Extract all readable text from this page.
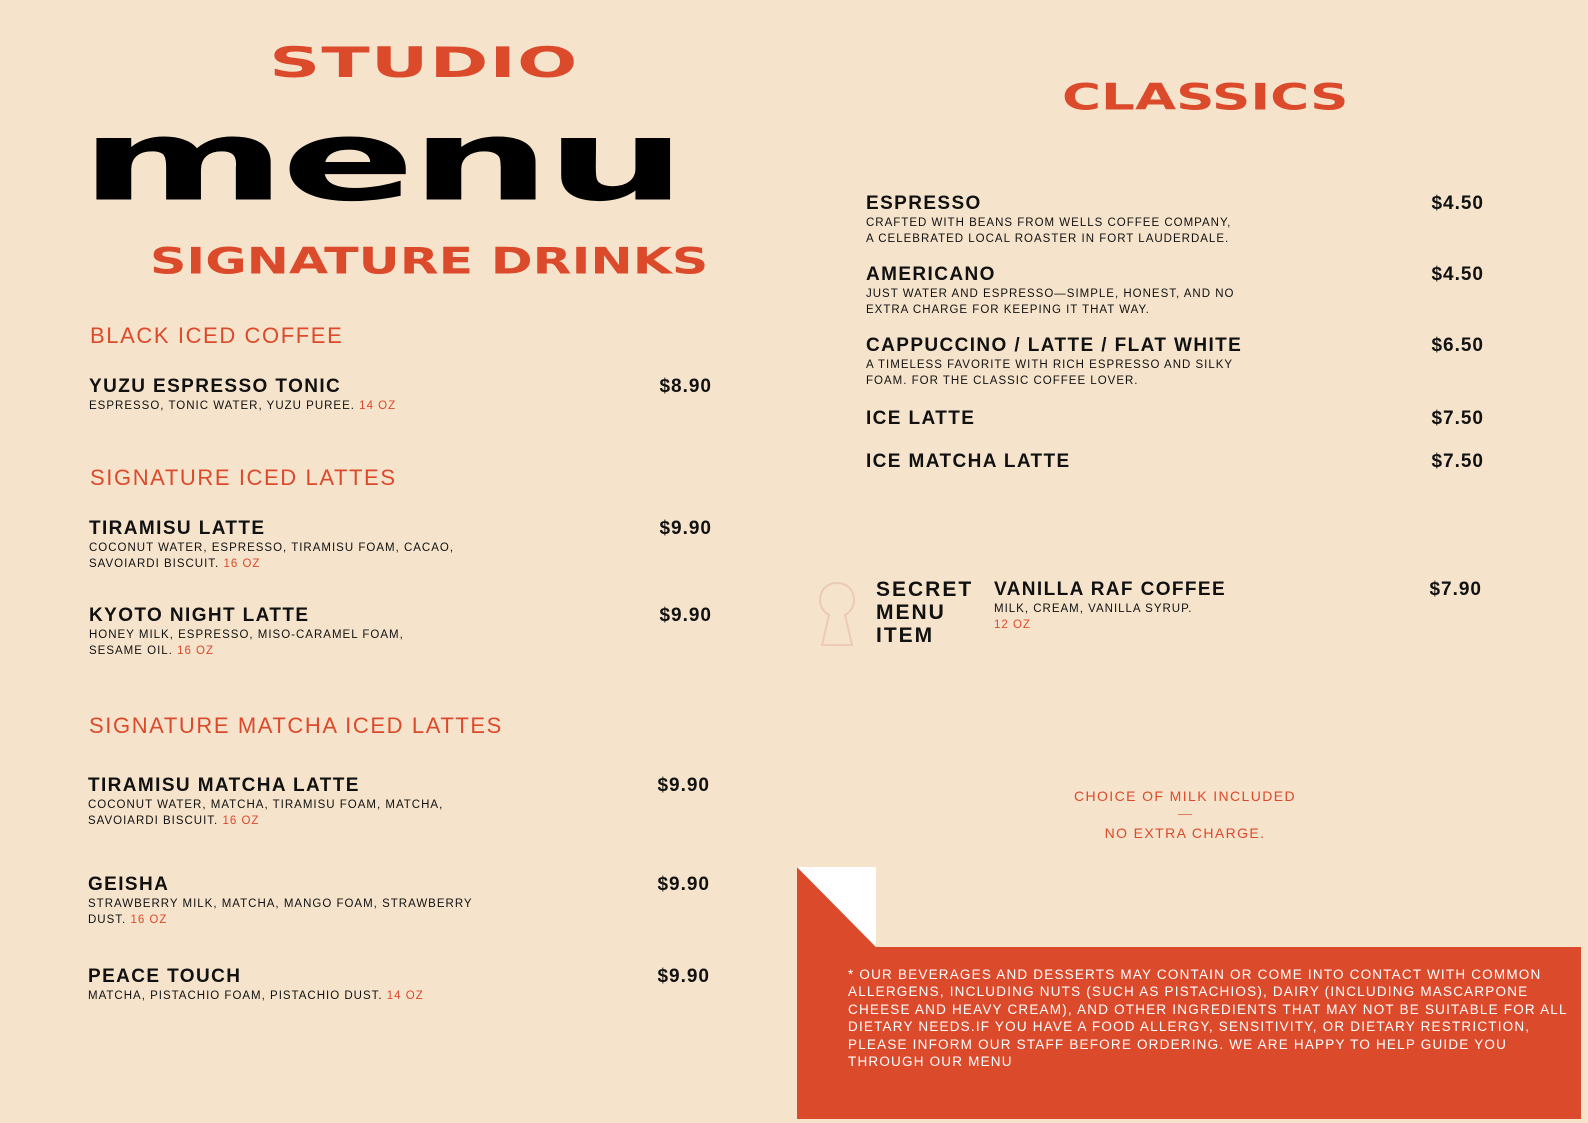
STUDIO
menu
SIGNATURE DRINKS
BLACK ICED COFFEE
YUZU ESPRESSO TONIC	$8.90
ESPRESSO, TONIC WATER, YUZU PUREE. 14 OZ
SIGNATURE ICED LATTES
TIRAMISU LATTE	$9.90
COCONUT WATER, ESPRESSO, TIRAMISU FOAM, CACAO,
SAVOIARDI BISCUIT. 16 OZ
KYOTO NIGHT LATTE	$9.90
HONEY MILK, ESPRESSO, MISO-CARAMEL FOAM,
SESAME OIL. 16 OZ
SIGNATURE MATCHA ICED LATTES
TIRAMISU MATCHA LATTE	$9.90
COCONUT WATER, MATCHA, TIRAMISU FOAM, MATCHA,
SAVOIARDI BISCUIT. 16 OZ
GEISHA	$9.90
STRAWBERRY MILK, MATCHA, MANGO FOAM, STRAWBERRY
DUST. 16 OZ
PEACE TOUCH	$9.90
MATCHA, PISTACHIO FOAM, PISTACHIO DUST. 14 OZ
CLASSICS
ESPRESSO	$4.50
CRAFTED WITH BEANS FROM WELLS COFFEE COMPANY,
A CELEBRATED LOCAL ROASTER IN FORT LAUDERDALE.
AMERICANO	$4.50
JUST WATER AND ESPRESSO—SIMPLE, HONEST, AND NO
EXTRA CHARGE FOR KEEPING IT THAT WAY.
CAPPUCCINO / LATTE / FLAT WHITE	$6.50
A TIMELESS FAVORITE WITH RICH ESPRESSO AND SILKY
FOAM. FOR THE CLASSIC COFFEE LOVER.
ICE LATTE	$7.50
ICE MATCHA LATTE	$7.50
SECRET
MENU
ITEM
VANILLA RAF COFFEE	$7.90
MILK, CREAM, VANILLA SYRUP.
12 OZ
CHOICE OF MILK INCLUDED
NO EXTRA CHARGE.
* OUR BEVERAGES AND DESSERTS MAY CONTAIN OR COME INTO CONTACT WITH COMMON ALLERGENS, INCLUDING NUTS (SUCH AS PISTACHIOS), DAIRY (INCLUDING MASCARPONE CHEESE AND HEAVY CREAM), AND OTHER INGREDIENTS THAT MAY NOT BE SUITABLE FOR ALL DIETARY NEEDS.IF YOU HAVE A FOOD ALLERGY, SENSITIVITY, OR DIETARY RESTRICTION, PLEASE INFORM OUR STAFF BEFORE ORDERING. WE ARE HAPPY TO HELP GUIDE YOU THROUGH OUR MENU
